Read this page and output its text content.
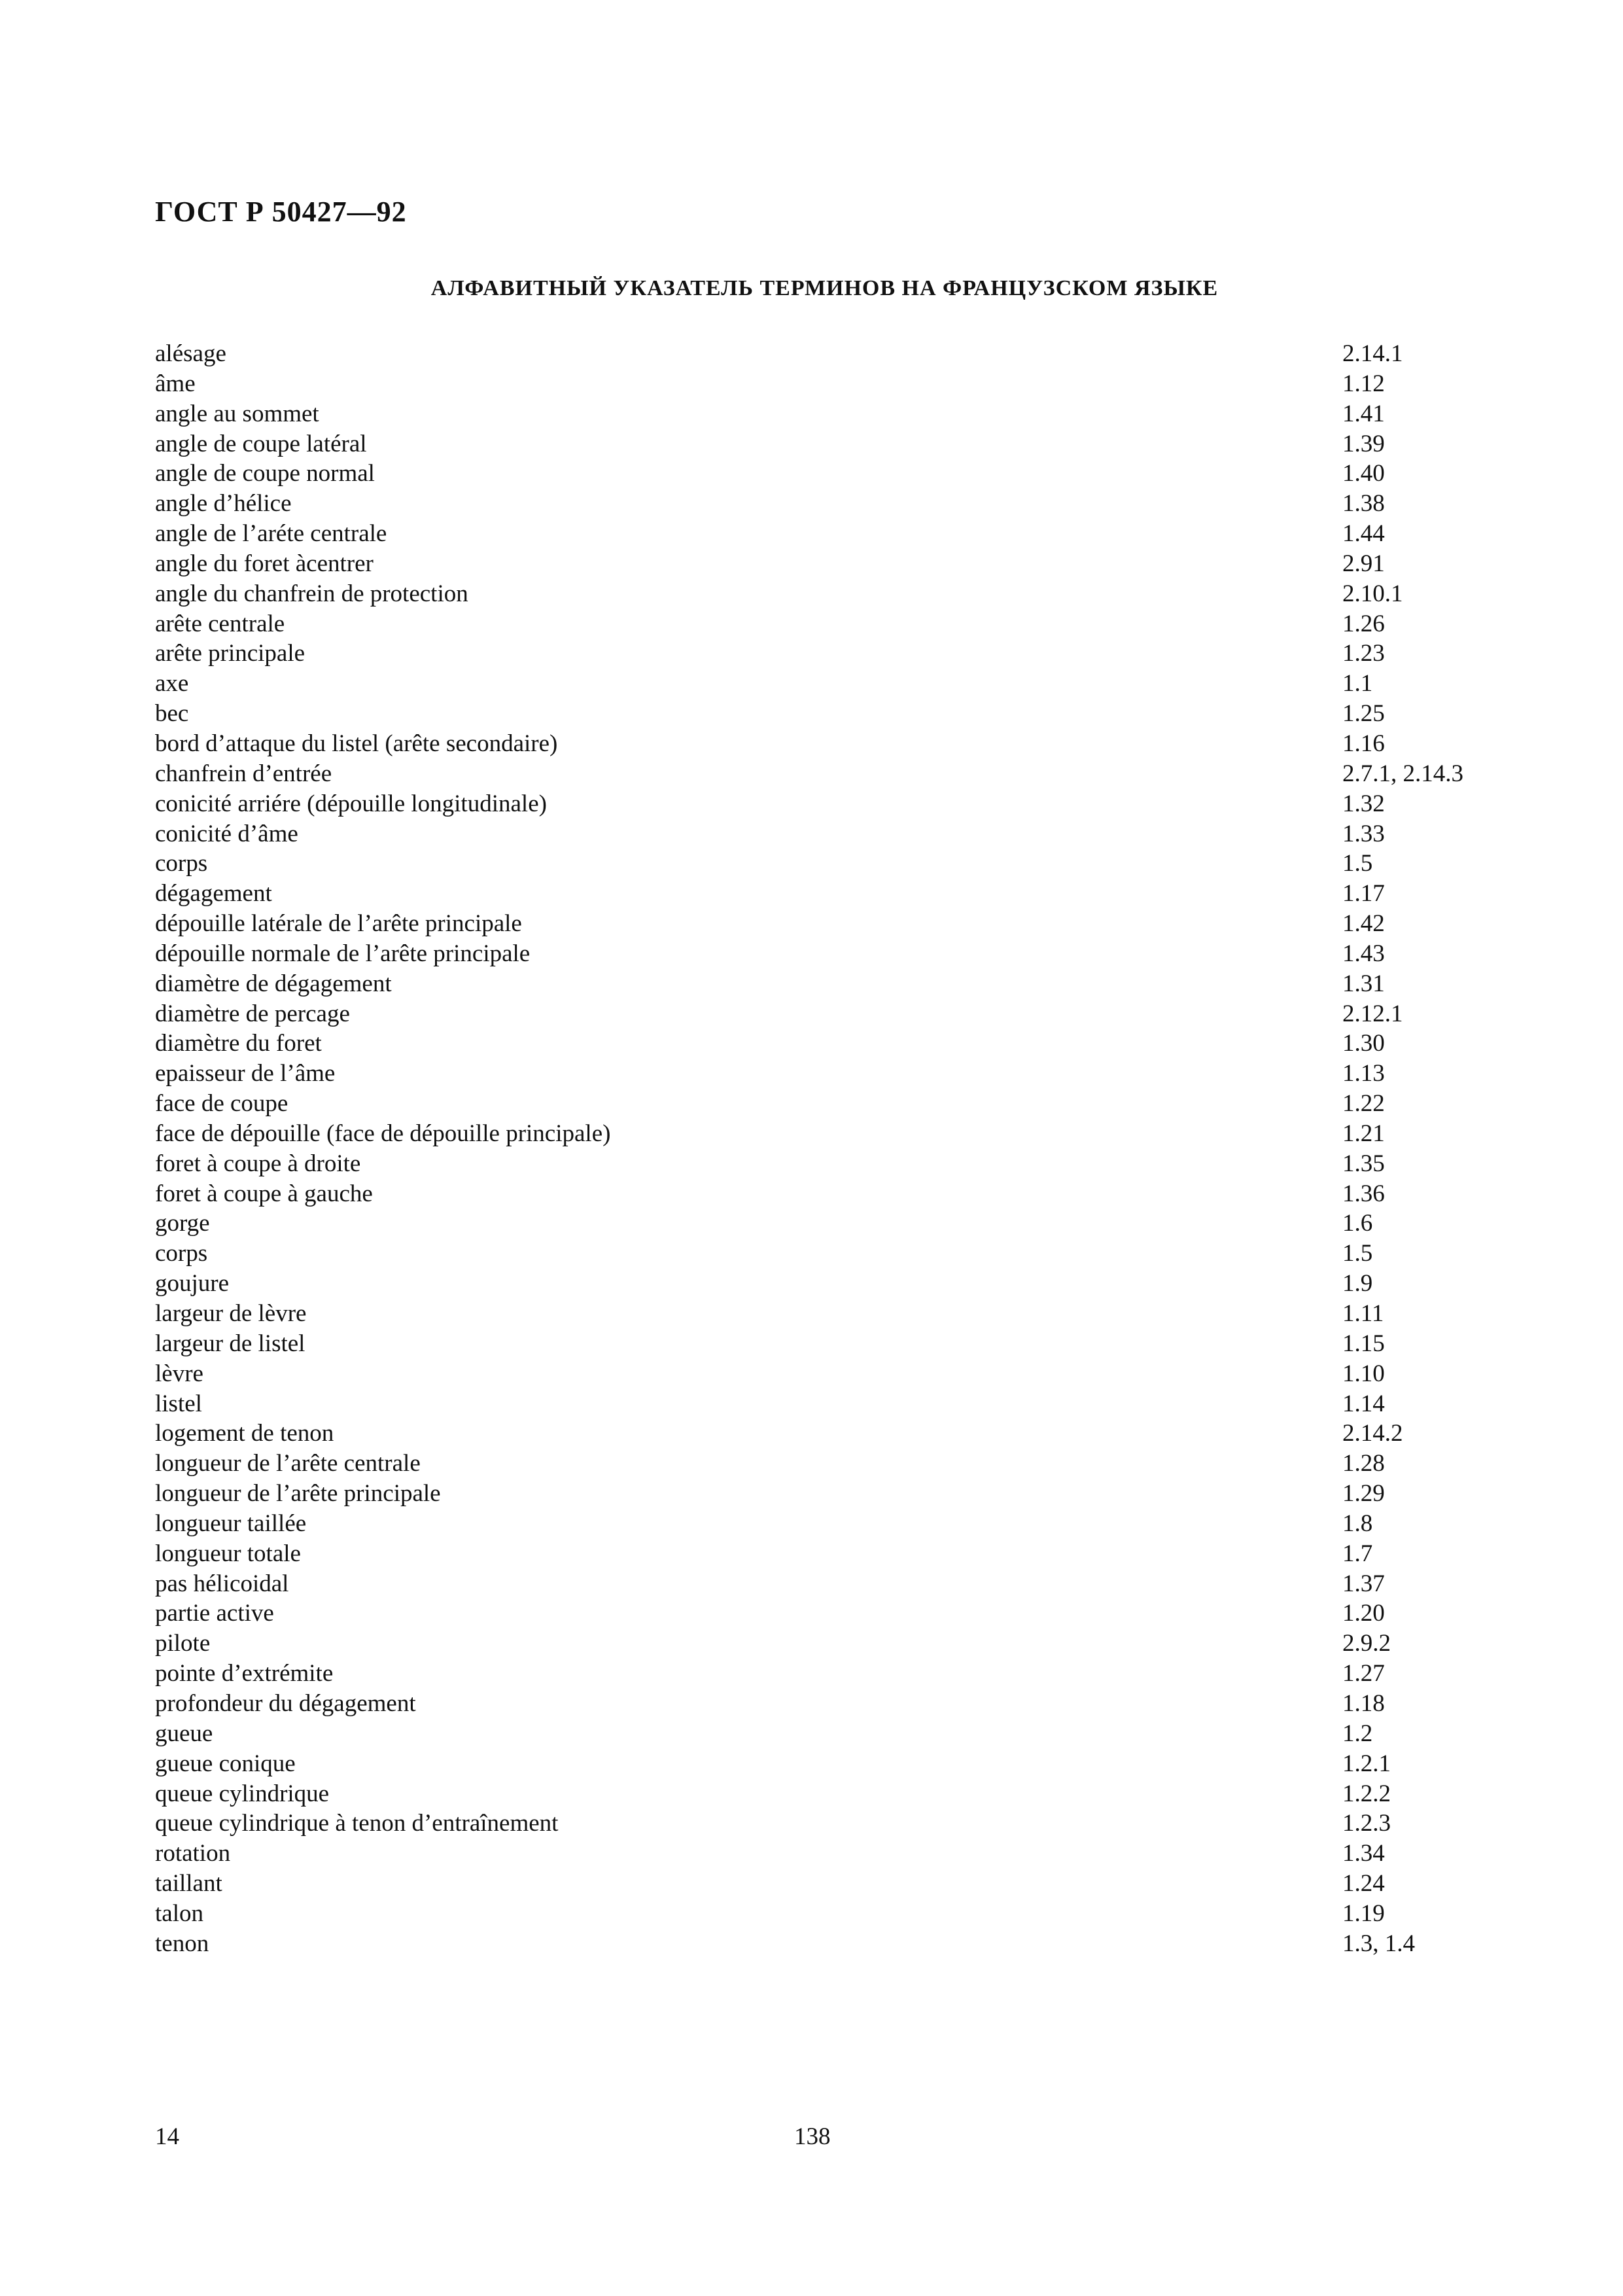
ГОСТ Р 50427—92
АЛФАВИТНЫЙ УКАЗАТЕЛЬ ТЕРМИНОВ НА ФРАНЦУЗСКОМ ЯЗЫКЕ
alésage	2.14.1
âme	1.12
angle au sommet	1.41
angle de coupe latéral	1.39
angle de coupe normal	1.40
angle d’hélice	1.38
angle de l’aréte centrale	1.44
angle du foret àcentrer	2.91
angle du chanfrein de protection	2.10.1
arête centrale	1.26
arête principale	1.23
axe	1.1
bec	1.25
bord d’attaque du listel (arête secondaire)	1.16
chanfrein d’entrée	2.7.1, 2.14.3
conicité arriére (dépouille longitudinale)	1.32
conicité d’âme	1.33
corps	1.5
dégagement	1.17
dépouille latérale de l’arête principale	1.42
dépouille normale de l’arête principale	1.43
diamètre de dégagement	1.31
diamètre de percage	2.12.1
diamètre du foret	1.30
epaisseur de l’âme	1.13
face de coupe	1.22
face de dépouille (face de dépouille principale)	1.21
foret à coupe à droite	1.35
foret à coupe à gauche	1.36
gorge	1.6
corps	1.5
goujure	1.9
largeur de lèvre	1.11
largeur de listel	1.15
lèvre	1.10
listel	1.14
logement de tenon	2.14.2
longueur de l’arête centrale	1.28
longueur de l’arête principale	1.29
longueur taillée	1.8
longueur totale	1.7
pas hélicoidal	1.37
partie active	1.20
pilote	2.9.2
pointe d’extrémite	1.27
profondeur du dégagement	1.18
gueue	1.2
gueue conique	1.2.1
queue cylindrique	1.2.2
queue cylindrique à tenon d’entraînement	1.2.3
rotation	1.34
taillant	1.24
talon	1.19
tenon	1.3, 1.4
14	138
